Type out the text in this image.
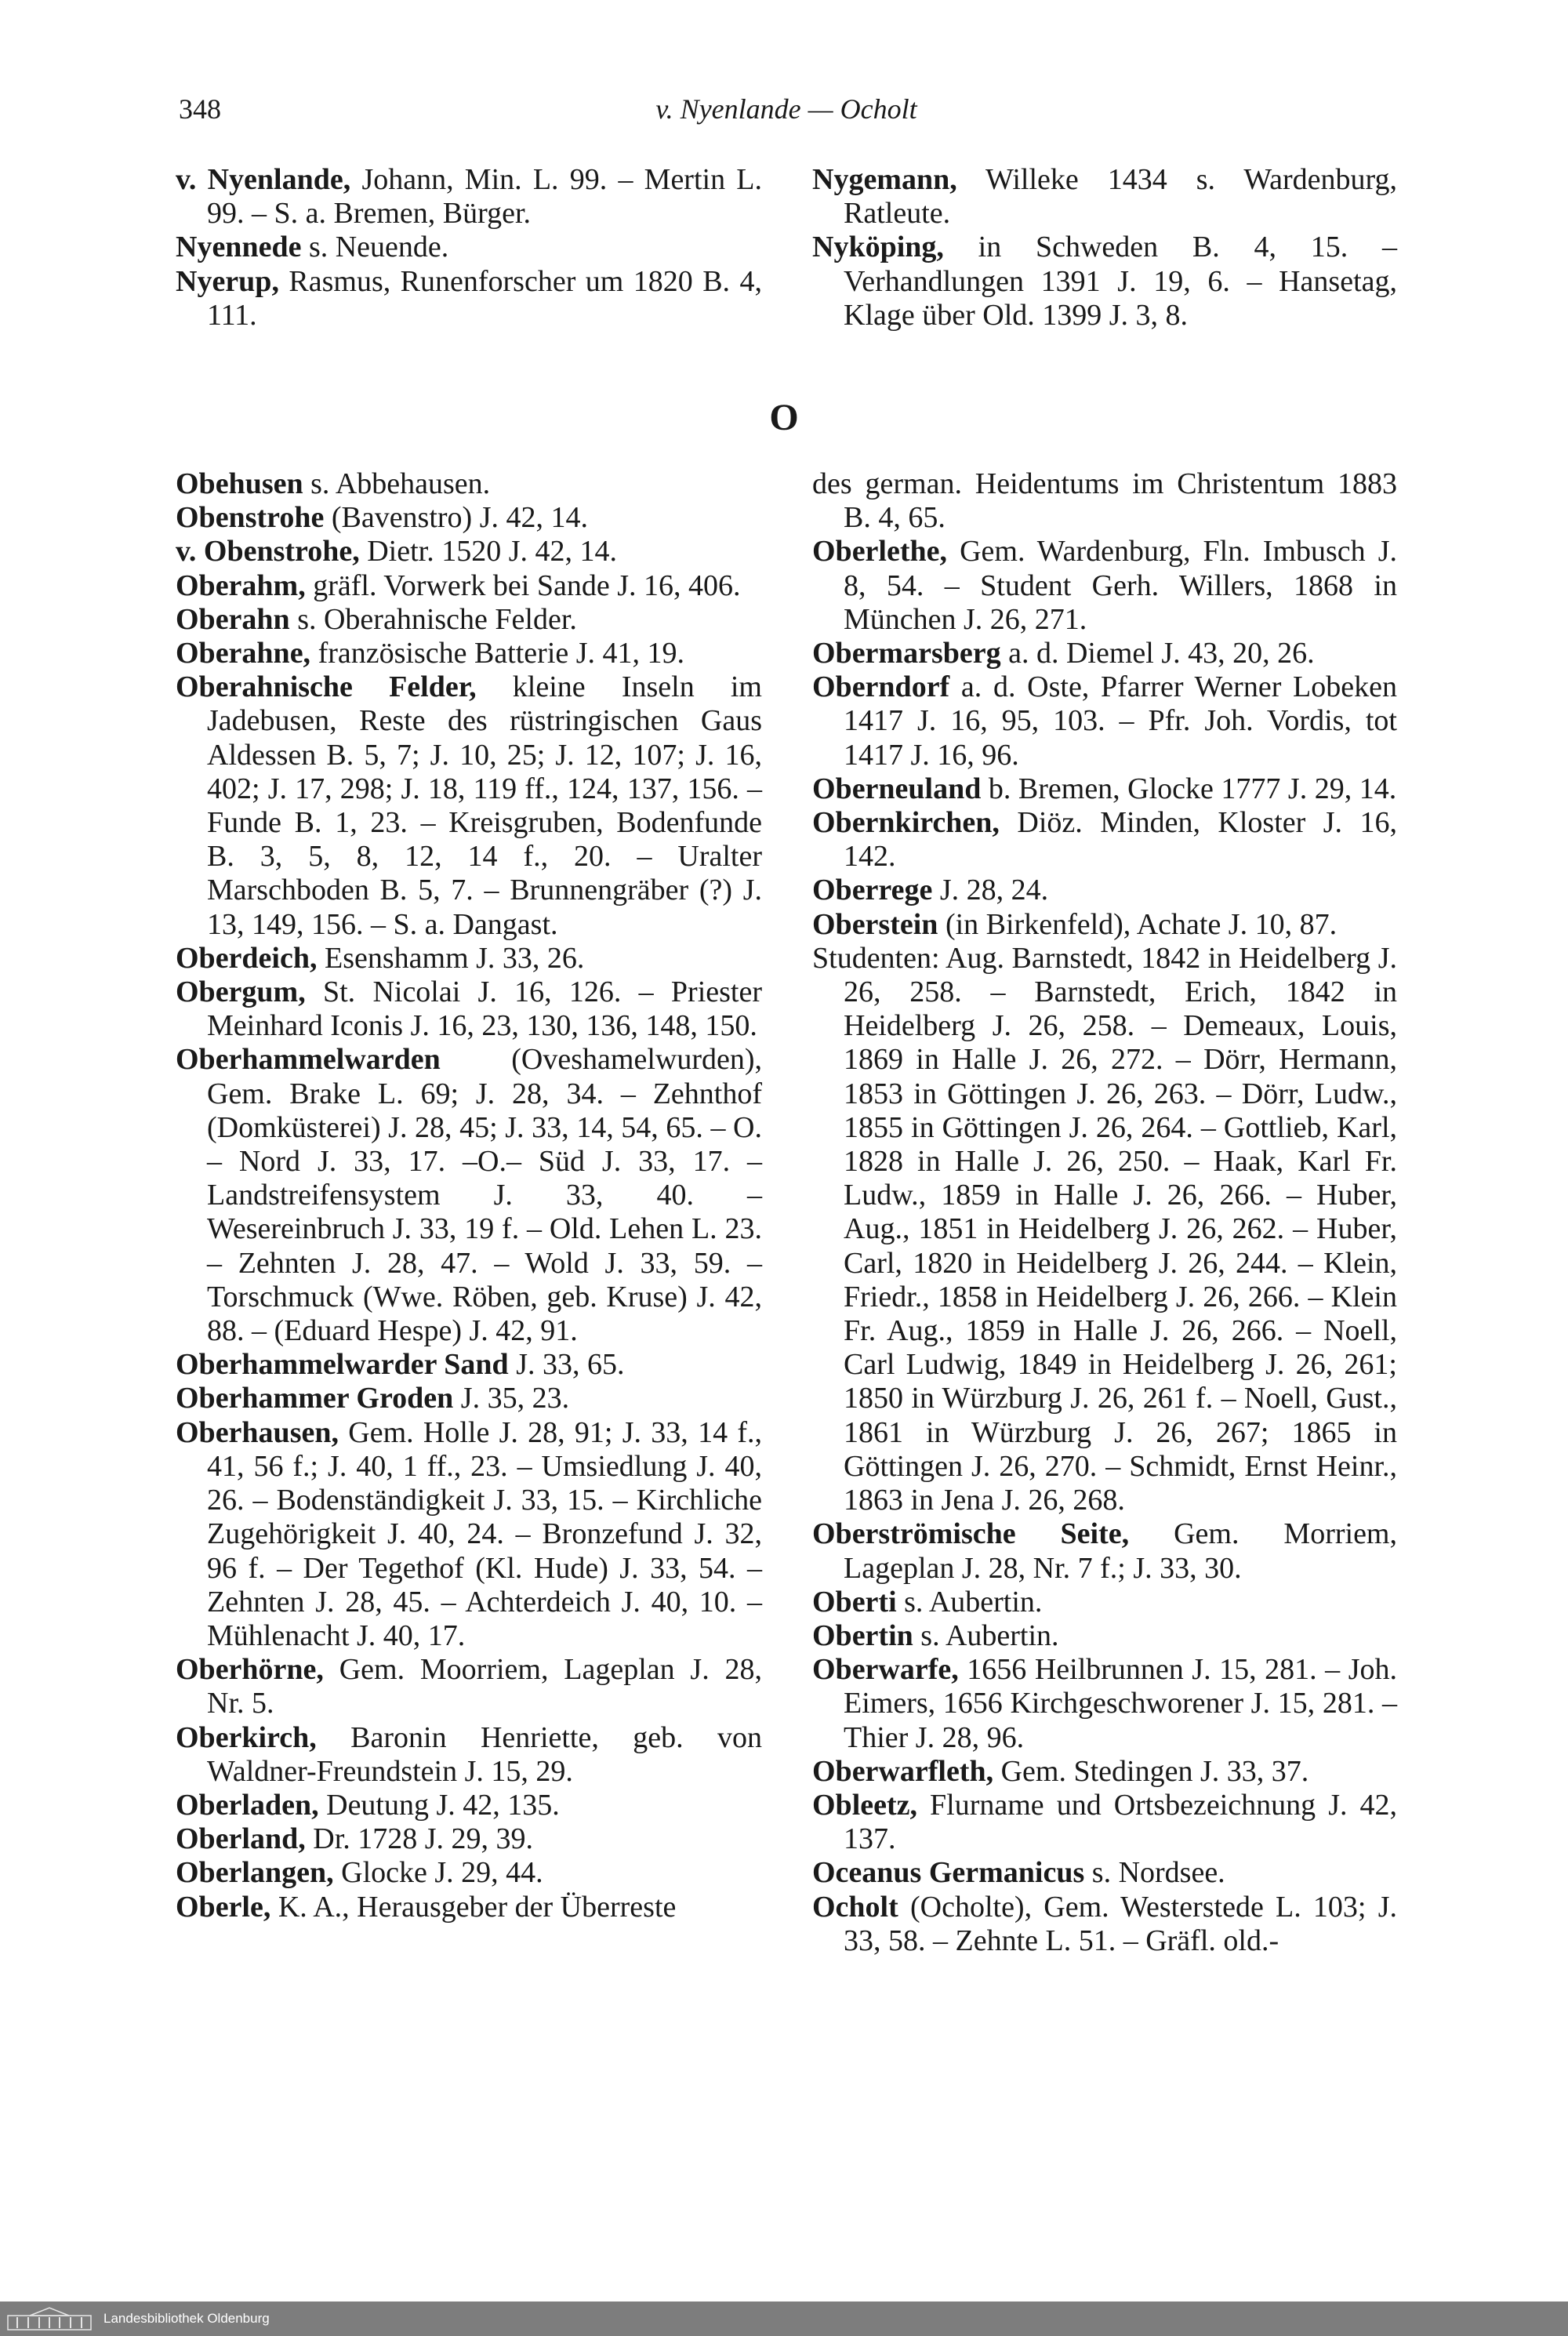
348	v. Nyenlande — Ocholt

v. Nyenlande, Johann, Min. L. 99. – Mertin L. 99. – S. a. Bremen, Bürger.

Nyennede s. Neuende.

Nyerup, Rasmus, Runenforscher um 1820 B. 4, 111.

Nygemann, Willeke 1434 s. Wardenburg, Ratleute.

Nyköping, in Schweden B. 4, 15. – Verhandlungen 1391 J. 19, 6. – Hansetag, Klage über Old. 1399 J. 3, 8.

O

Obehusen s. Abbehausen.

Obenstrohe (Bavenstro) J. 42, 14.

v. Obenstrohe, Dietr. 1520 J. 42, 14.

Oberahm, gräfl. Vorwerk bei Sande J. 16, 406.

Oberahn s. Oberahnische Felder.

Oberahne, französische Batterie J. 41, 19.

Oberahnische Felder, kleine Inseln im Jadebusen, Reste des rüstringischen Gaus Aldessen B. 5, 7; J. 10, 25; J. 12, 107; J. 16, 402; J. 17, 298; J. 18, 119 ff., 124, 137, 156. – Funde B. 1, 23. – Kreisgruben, Bodenfunde B. 3, 5, 8, 12, 14 f., 20. – Uralter Marschboden B. 5, 7. – Brunnengräber (?) J. 13, 149, 156. – S. a. Dangast.

Oberdeich, Esenshamm J. 33, 26.

Obergum, St. Nicolai J. 16, 126. – Priester Meinhard Iconis J. 16, 23, 130, 136, 148, 150.

Oberhammelwarden (Oveshamelwurden), Gem. Brake L. 69; J. 28, 34. – Zehnthof (Domküsterei) J. 28, 45; J. 33, 14, 54, 65. – O. – Nord J. 33, 17. –O.– Süd J. 33, 17. – Landstreifensystem J. 33, 40. – Wesereinbruch J. 33, 19 f. – Old. Lehen L. 23. – Zehnten J. 28, 47. – Wold J. 33, 59. – Torschmuck (Wwe. Röben, geb. Kruse) J. 42, 88. – (Eduard Hespe) J. 42, 91.

Oberhammelwarder Sand J. 33, 65.

Oberhammer Groden J. 35, 23.

Oberhausen, Gem. Holle J. 28, 91; J. 33, 14 f., 41, 56 f.; J. 40, 1 ff., 23. – Umsiedlung J. 40, 26. – Bodenständigkeit J. 33, 15. – Kirchliche Zugehörigkeit J. 40, 24. – Bronzefund J. 32, 96 f. – Der Tegethof (Kl. Hude) J. 33, 54. – Zehnten J. 28, 45. – Achterdeich J. 40, 10. – Mühlenacht J. 40, 17.

Oberhörne, Gem. Moorriem, Lageplan J. 28, Nr. 5.

Oberkirch, Baronin Henriette, geb. von Waldner-Freundstein J. 15, 29.

Oberladen, Deutung J. 42, 135.

Oberland, Dr. 1728 J. 29, 39.

Oberlangen, Glocke J. 29, 44.

Oberle, K. A., Herausgeber der Überreste

des german. Heidentums im Christentum 1883 B. 4, 65.

Oberlethe, Gem. Wardenburg, Fln. Imbusch J. 8, 54. – Student Gerh. Willers, 1868 in München J. 26, 271.

Obermarsberg a. d. Diemel J. 43, 20, 26.

Oberndorf a. d. Oste, Pfarrer Werner Lobeken 1417 J. 16, 95, 103. – Pfr. Joh. Vordis, tot 1417 J. 16, 96.

Oberneuland b. Bremen, Glocke 1777 J. 29, 14.

Obernkirchen, Diöz. Minden, Kloster J. 16, 142.

Oberrege J. 28, 24.

Oberstein (in Birkenfeld), Achate J. 10, 87.

Studenten: Aug. Barnstedt, 1842 in Heidelberg J. 26, 258. – Barnstedt, Erich, 1842 in Heidelberg J. 26, 258. – Demeaux, Louis, 1869 in Halle J. 26, 272. – Dörr, Hermann, 1853 in Göttingen J. 26, 263. – Dörr, Ludw., 1855 in Göttingen J. 26, 264. – Gottlieb, Karl, 1828 in Halle J. 26, 250. – Haak, Karl Fr. Ludw., 1859 in Halle J. 26, 266. – Huber, Aug., 1851 in Heidelberg J. 26, 262. – Huber, Carl, 1820 in Heidelberg J. 26, 244. – Klein, Friedr., 1858 in Heidelberg J. 26, 266. – Klein Fr. Aug., 1859 in Halle J. 26, 266. – Noell, Carl Ludwig, 1849 in Heidelberg J. 26, 261; 1850 in Würzburg J. 26, 261 f. – Noell, Gust., 1861 in Würzburg J. 26, 267; 1865 in Göttingen J. 26, 270. – Schmidt, Ernst Heinr., 1863 in Jena J. 26, 268.

Oberströmische Seite, Gem. Morriem, Lageplan J. 28, Nr. 7 f.; J. 33, 30.

Oberti s. Aubertin.

Obertin s. Aubertin.

Oberwarfe, 1656 Heilbrunnen J. 15, 281. – Joh. Eimers, 1656 Kirchgeschworener J. 15, 281. – Thier J. 28, 96.

Oberwarfleth, Gem. Stedingen J. 33, 37.

Obleetz, Flurname und Ortsbezeichnung J. 42, 137.

Oceanus Germanicus s. Nordsee.

Ocholt (Ocholte), Gem. Westerstede L. 103; J. 33, 58. – Zehnte L. 51. – Gräfl. old.-

Landesbibliothek Oldenburg
